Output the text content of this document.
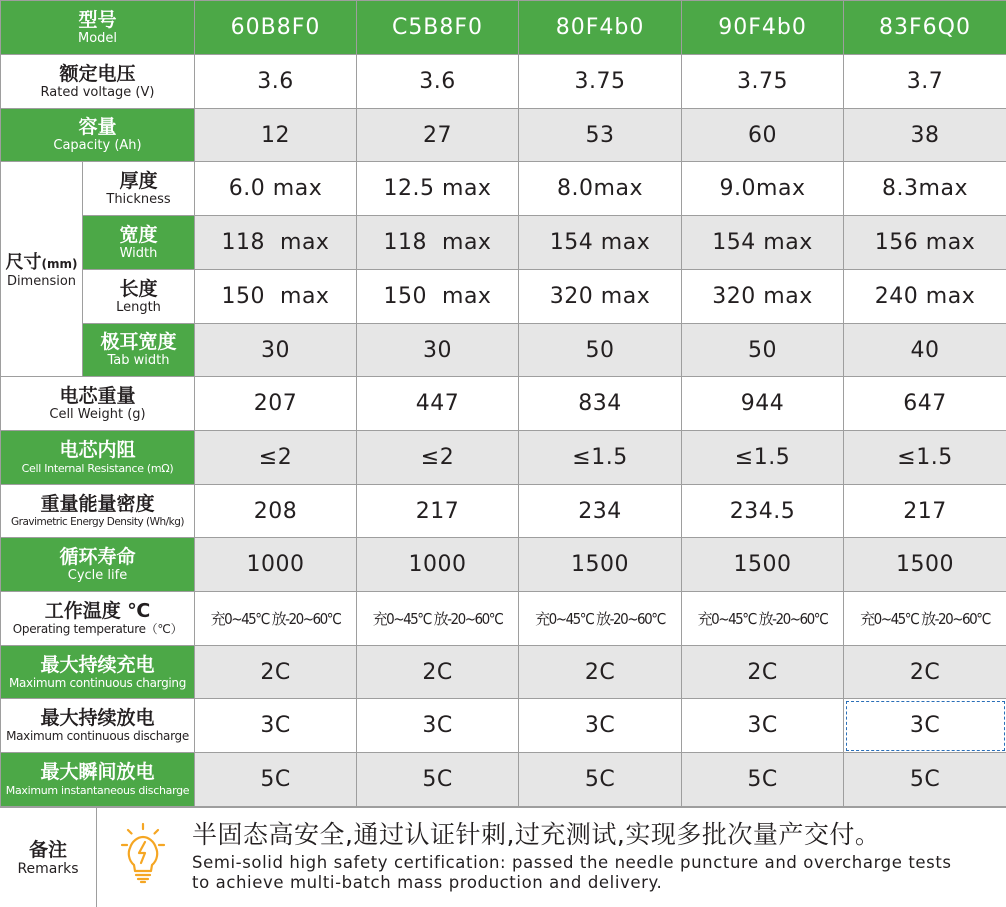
型号
Model		60B8F0	C5B8F0	80F4b0	90F4b0	83F6Q0

额定电压
Rated voltage (V)		3.6	3.6	3.75	3.75	3.7

容量
Capacity (Ah)		12	27	53	60	38
尺寸(mm)
Dimension	厚度
Thickness	6.0 max	12.5 max	8.0max	9.0max	8.3max

	宽度
Width	118  max	118  max	154 max	154 max	156 max

	长度
Length	150  max	150  max	320 max	320 max	240 max

	极耳宽度
Tab width	30	30	50	50	40

电芯重量
Cell Weight (g)		207	447	834	944	647

电芯内阻
Cell Internal Resistance (mΩ)		≤2	≤2	≤1.5	≤1.5	≤1.5

重量能量密度
Gravimetric Energy Density (Wh/kg)		208	217	234	234.5	217

循环寿命
Cycle life		1000	1000	1500	1500	1500

工作温度 ℃
Operating temperature（℃）		充0~45℃ 放-20~60℃	充0~45℃ 放-20~60℃	充0~45℃ 放-20~60℃	充0~45℃ 放-20~60℃	充0~45℃ 放-20~60℃

最大持续充电
Maximum continuous charging		2C	2C	2C	2C	2C

最大持续放电
Maximum continuous discharge		3C	3C	3C	3C	3C

最大瞬间放电
Maximum instantaneous discharge		5C	5C	5C	5C	5C
备注
Remarks
半固态高安全,通过认证针刺,过充测试,实现多批次量产交付。
Semi-solid high safety certification: passed the needle puncture and overcharge tests
to achieve multi-batch mass production and delivery.
